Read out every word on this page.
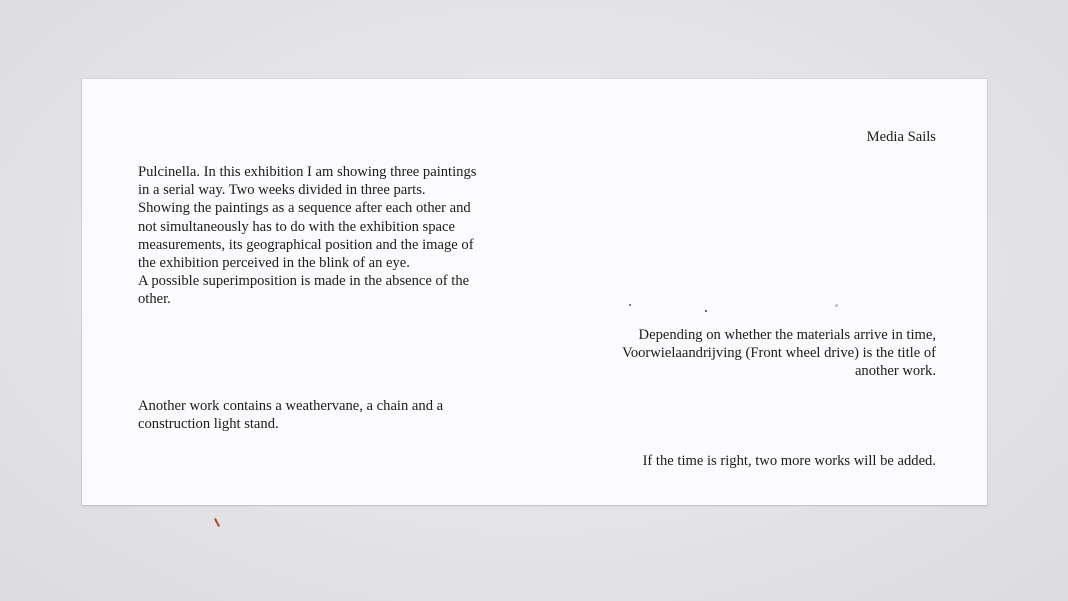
Media Sails

Pulcinella. In this exhibition I am showing three paintings
in a serial way. Two weeks divided in three parts.
Showing the paintings as a sequence after each other and
not simultaneously has to do with the exhibition space
measurements, its geographical position and the image of
the exhibition perceived in the blink of an eye.
A possible superimposition is made in the absence of the
other.

Depending on whether the materials arrive in time,
Voorwielaandrijving (Front wheel drive) is the title of
another work.

Another work contains a weathervane, a chain and a
construction light stand.

If the time is right, two more works will be added.
